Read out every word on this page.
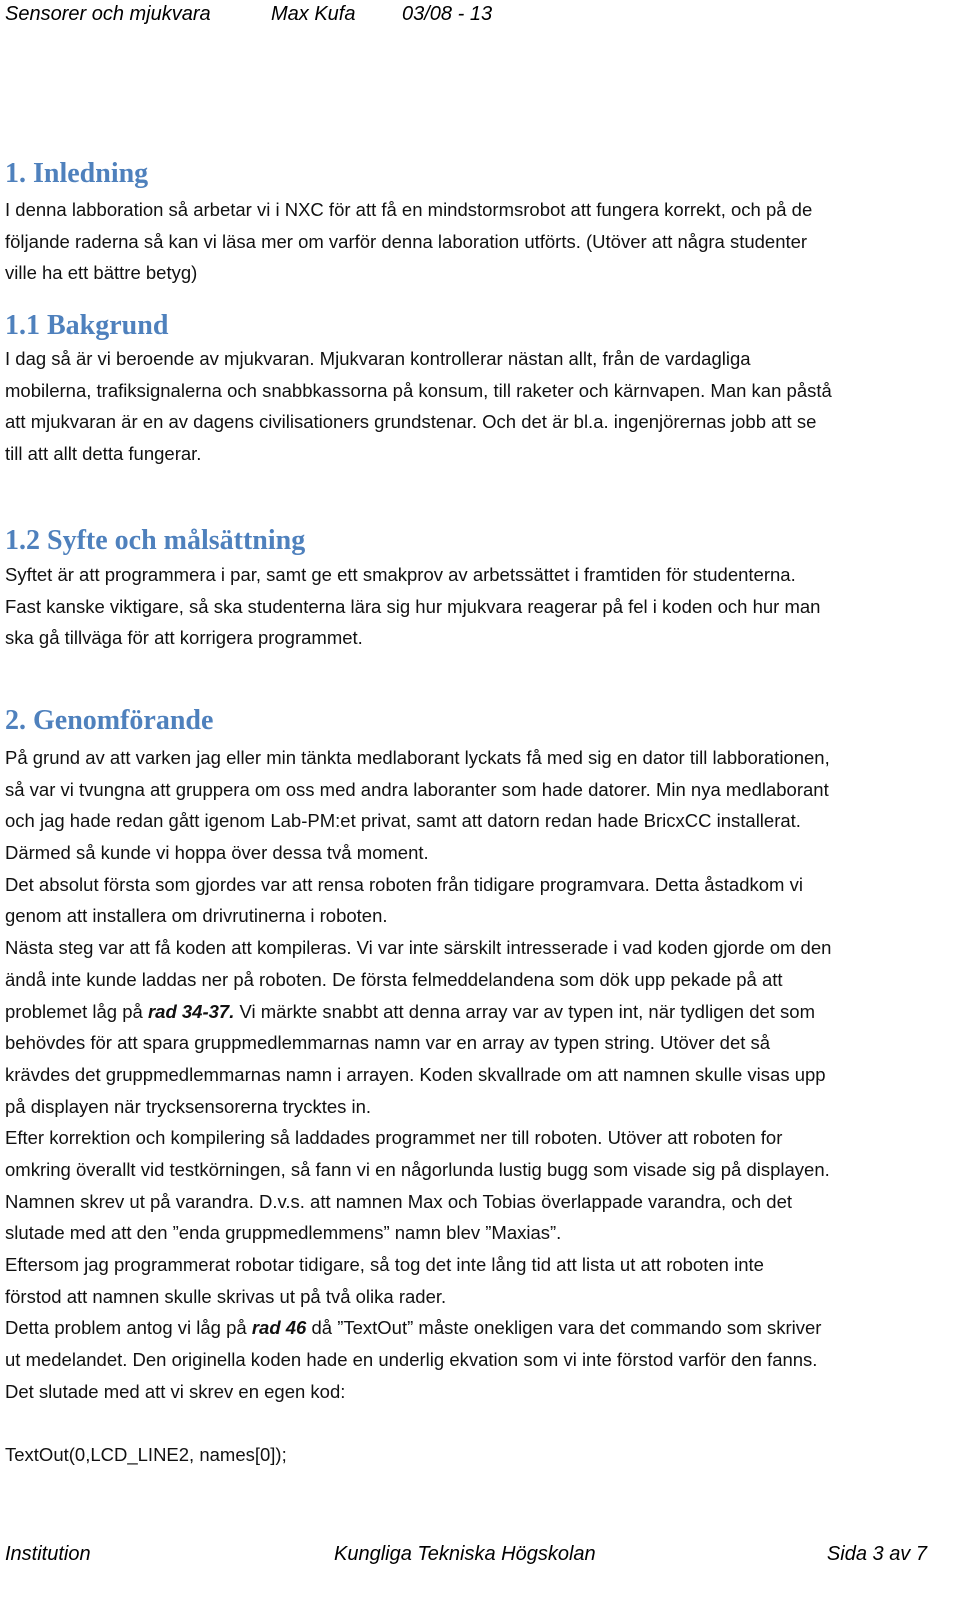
Sensorer och mjukvara	Max Kufa 03/08 - 13
1. Inledning
I denna labboration så arbetar vi i NXC för att få en mindstormsrobot att fungera korrekt, och på de
följande raderna så kan vi läsa mer om varför denna laboration utförts. (Utöver att några studenter
ville ha ett bättre betyg)
1.1 Bakgrund
I dag så är vi beroende av mjukvaran. Mjukvaran kontrollerar nästan allt, från de vardagliga
mobilerna, trafiksignalerna och snabbkassorna på konsum, till raketer och kärnvapen. Man kan påstå
att mjukvaran är en av dagens civilisationers grundstenar. Och det är bl.a. ingenjörernas jobb att se
till att allt detta fungerar.
1.2 Syfte och målsättning
Syftet är att programmera i par, samt ge ett smakprov av arbetssättet i framtiden för studenterna.
Fast kanske viktigare, så ska studenterna lära sig hur mjukvara reagerar på fel i koden och hur man
ska gå tillväga för att korrigera programmet.
2. Genomförande
På grund av att varken jag eller min tänkta medlaborant lyckats få med sig en dator till labborationen,
så var vi tvungna att gruppera om oss med andra laboranter som hade datorer. Min nya medlaborant
och jag hade redan gått igenom Lab-PM:et privat, samt att datorn redan hade BricxCC installerat.
Därmed så kunde vi hoppa över dessa två moment.
Det absolut första som gjordes var att rensa roboten från tidigare programvara. Detta åstadkom vi
genom att installera om drivrutinerna i roboten.
Nästa steg var att få koden att kompileras. Vi var inte särskilt intresserade i vad koden gjorde om den
ändå inte kunde laddas ner på roboten. De första felmeddelandena som dök upp pekade på att
problemet låg på rad 34-37. Vi märkte snabbt att denna array var av typen int, när tydligen det som
behövdes för att spara gruppmedlemmarnas namn var en array av typen string. Utöver det så
krävdes det gruppmedlemmarnas namn i arrayen. Koden skvallrade om att namnen skulle visas upp
på displayen när trycksensorerna trycktes in.
Efter korrektion och kompilering så laddades programmet ner till roboten. Utöver att roboten for
omkring överallt vid testkörningen, så fann vi en någorlunda lustig bugg som visade sig på displayen.
Namnen skrev ut på varandra. D.v.s. att namnen Max och Tobias överlappade varandra, och det
slutade med att den ”enda gruppmedlemmens” namn blev ”Maxias”.
Eftersom jag programmerat robotar tidigare, så tog det inte lång tid att lista ut att roboten inte
förstod att namnen skulle skrivas ut på två olika rader.
Detta problem antog vi låg på rad 46 då ”TextOut” måste onekligen vara det commando som skriver
ut medelandet. Den originella koden hade en underlig ekvation som vi inte förstod varför den fanns.
Det slutade med att vi skrev en egen kod:
TextOut(0,LCD_LINE2, names[0]);
Institution	Kungliga Tekniska Högskolan	Sida 3 av 7
